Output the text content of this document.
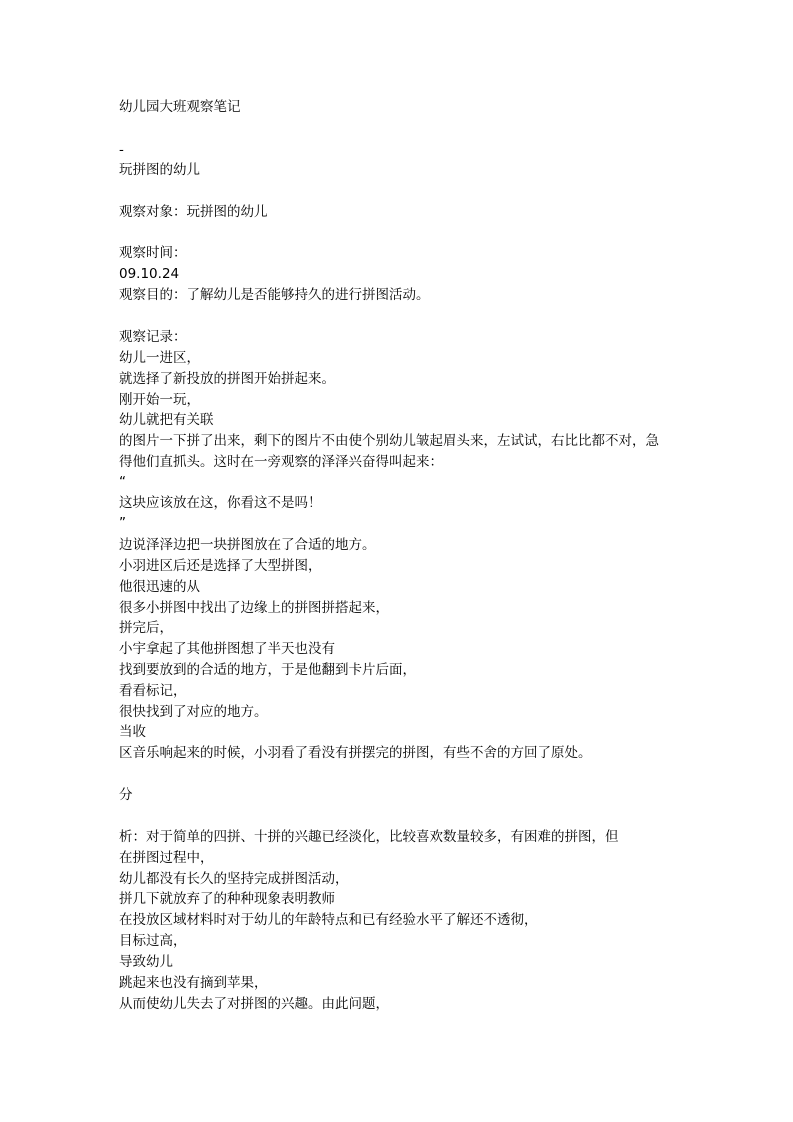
幼儿园大班观察笔记
-
玩拼图的幼儿
观察对象：玩拼图的幼儿
观察时间：
09.10.24
观察目的：了解幼儿是否能够持久的进行拼图活动。
观察记录：
幼儿一进区，
就选择了新投放的拼图开始拼起来。
刚开始一玩，
幼儿就把有关联
的图片一下拼了出来，剩下的图片不由使个别幼儿皱起眉头来，左试试，右比比都不对，急
得他们直抓头。这时在一旁观察的泽泽兴奋得叫起来：
“
这块应该放在这，你看这不是吗！
”
边说泽泽边把一块拼图放在了合适的地方。
小羽进区后还是选择了大型拼图，
他很迅速的从
很多小拼图中找出了边缘上的拼图拼搭起来，
拼完后，
小宇拿起了其他拼图想了半天也没有
找到要放到的合适的地方，于是他翻到卡片后面，
看看标记，
很快找到了对应的地方。
当收
区音乐响起来的时候，小羽看了看没有拼摆完的拼图，有些不舍的方回了原处。
分
析：对于简单的四拼、十拼的兴趣已经淡化，比较喜欢数量较多，有困难的拼图，但
在拼图过程中，
幼儿都没有长久的坚持完成拼图活动，
拼几下就放弃了的种种现象表明教师
在投放区域材料时对于幼儿的年龄特点和已有经验水平了解还不透彻，
目标过高，
导致幼儿
跳起来也没有摘到苹果，
从而使幼儿失去了对拼图的兴趣。由此问题，
